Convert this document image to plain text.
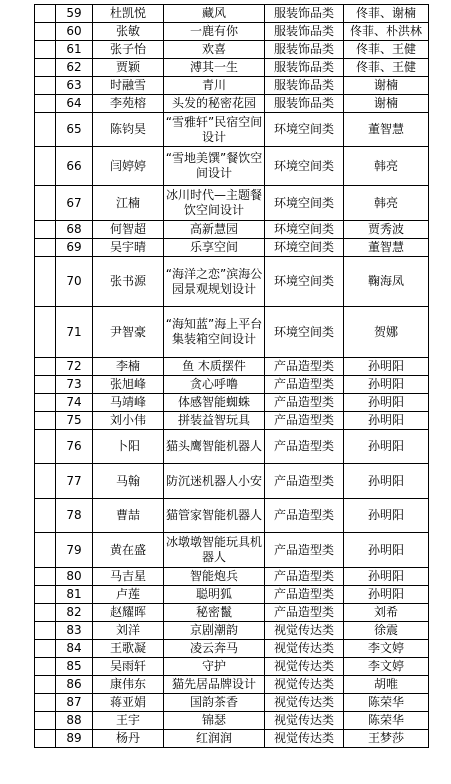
	59	杜凯悦	藏风	服装饰品类	佟菲、谢楠
	60	张敏	一鹿有你	服装饰品类	佟菲、朴洪林
	61	张子怡	欢喜	服装饰品类	佟菲、王健
	62	贾颖	溥其一生	服装饰品类	佟菲、王健
	63	时融雪	青川	服装饰品类	谢楠
	64	李苑榕	头发的秘密花园	服装饰品类	谢楠
	65	陈钧昊	“雪雅轩”民宿空间设计	环境空间类	董智慧
	66	闫婷婷	“雪地美馔”餐饮空间设计	环境空间类	韩亮
	67	江楠	冰川时代—主题餐饮空间设计	环境空间类	韩亮
	68	何智超	高新慧园	环境空间类	贾秀波
	69	吴宇晴	乐享空间	环境空间类	董智慧
	70	张书源	“海洋之恋”滨海公园景观规划设计	环境空间类	鞠海凤
	71	尹智豪	“海知蓝”海上平台集装箱空间设计	环境空间类	贺娜
	72	李楠	鱼 木质摆件	产品造型类	孙明阳
	73	张旭峰	贪心呼噜	产品造型类	孙明阳
	74	马靖峰	体感智能蜘蛛	产品造型类	孙明阳
	75	刘小伟	拼装益智玩具	产品造型类	孙明阳
	76	卜阳	猫头鹰智能机器人	产品造型类	孙明阳
	77	马翰	防沉迷机器人小安	产品造型类	孙明阳
	78	曹喆	猫管家智能机器人	产品造型类	孙明阳
	79	黄在盛	冰墩墩智能玩具机器人	产品造型类	孙明阳
	80	马吉星	智能炮兵	产品造型类	孙明阳
	81	卢莲	聪明狐	产品造型类	孙明阳
	82	赵耀晖	秘密鬣	产品造型类	刘希
	83	刘洋	京剧潮韵	视觉传达类	徐震
	84	王歌凝	凌云奔马	视觉传达类	李文婷
	85	吴雨轩	守护	视觉传达类	李文婷
	86	康伟东	猫先居品牌设计	视觉传达类	胡唯
	87	蒋亚娟	国韵茶香	视觉传达类	陈荣华
	88	王宇	锦瑟	视觉传达类	陈荣华
	89	杨丹	红润润	视觉传达类	王梦莎
